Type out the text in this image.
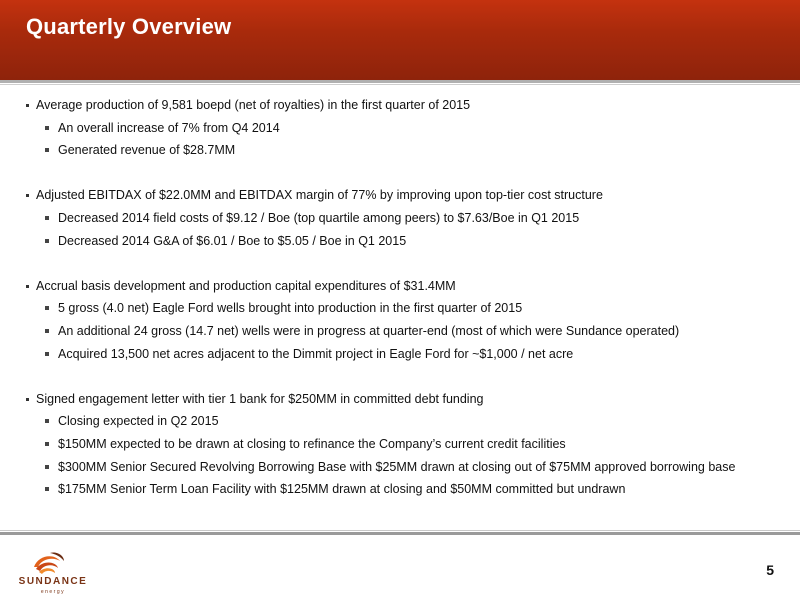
Quarterly Overview
Average production of 9,581 boepd (net of royalties) in the first quarter of 2015
An overall increase of 7% from Q4 2014
Generated revenue of $28.7MM
Adjusted EBITDAX of $22.0MM and EBITDAX margin of 77% by improving upon top-tier cost structure
Decreased 2014 field costs of $9.12 / Boe (top quartile among peers) to $7.63/Boe in Q1 2015
Decreased 2014 G&A of $6.01 / Boe to $5.05 / Boe in Q1 2015
Accrual basis development and production capital expenditures of $31.4MM
5 gross (4.0 net) Eagle Ford wells brought into production in the first quarter of 2015
An additional 24 gross (14.7 net) wells were in progress at quarter-end (most of which were Sundance operated)
Acquired 13,500 net acres adjacent to the Dimmit project in Eagle Ford for ~$1,000 / net acre
Signed engagement letter with tier 1 bank for $250MM in committed debt funding
Closing expected in Q2 2015
$150MM expected to be drawn at closing to refinance the Company’s current credit facilities
$300MM Senior Secured Revolving Borrowing Base with $25MM drawn at closing out of $75MM approved borrowing base
$175MM Senior Term Loan Facility with $125MM drawn at closing and $50MM committed but undrawn
SUNDANCE
energy
5
